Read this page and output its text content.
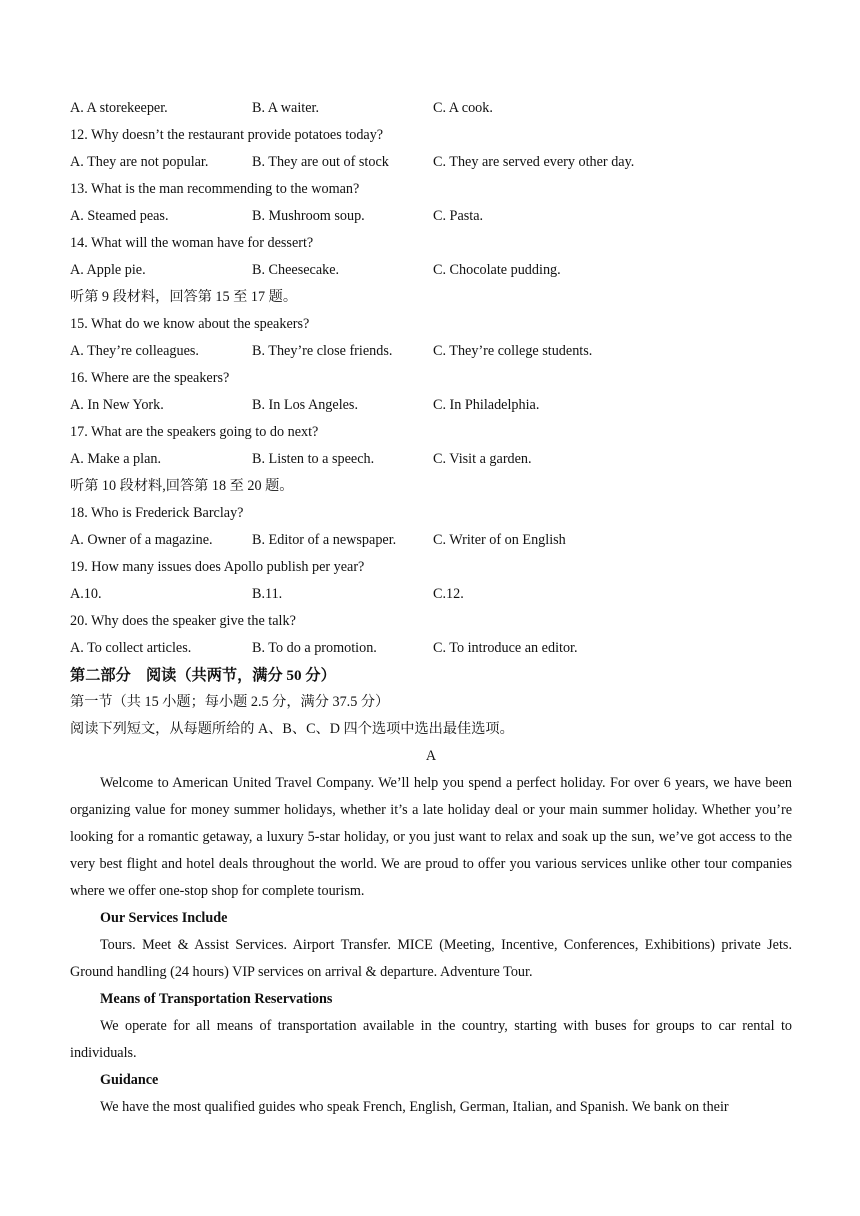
A. A storekeeper.	B. A waiter.	C. A cook.
12. Why doesn’t the restaurant provide potatoes today?
A. They are not popular.	B. They are out of stock	C. They are served every other day.
13. What is the man recommending to the woman?
A. Steamed peas.	B. Mushroom soup.	C. Pasta.
14. What will the woman have for dessert?
A. Apple pie.	B. Cheesecake.	C. Chocolate pudding.
听第 9 段材料，回答第 15 至 17 题。
15. What do we know about the speakers?
A. They’re colleagues.	B. They’re close friends.	C. They’re college students.
16. Where are the speakers?
A. In New York.	B. In Los Angeles.	C. In Philadelphia.
17. What are the speakers going to do next?
A. Make a plan.	B. Listen to a speech.	C. Visit a garden.
听第 10 段材料,回答第 18 至 20 题。
18. Who is Frederick Barclay?
A. Owner of a magazine.	B. Editor of a newspaper.	C. Writer of on English
19. How many issues does Apollo publish per year?
A.10.	B.11.	C.12.
20. Why does the speaker give the talk?
A. To collect articles.	B. To do a promotion.	C. To introduce an editor.
第二部分　阅读（共两节，满分 50 分）
第一节（共 15 小题；每小题 2.5 分，满分 37.5 分）
阅读下列短文，从每题所给的 A、B、C、D 四个选项中选出最佳选项。
A

Welcome to American United Travel Company. We’ll help you spend a perfect holiday. For over 6 years, we have been organizing value for money summer holidays, whether it’s a late holiday deal or your main summer holiday. Whether you’re looking for a romantic getaway, a luxury 5-star holiday, or you just want to relax and soak up the sun, we’ve got access to the very best flight and hotel deals throughout the world. We are proud to offer you various services unlike other tour companies where we offer one-stop shop for complete tourism.

Our Services Include

Tours. Meet & Assist Services. Airport Transfer. MICE (Meeting, Incentive, Conferences, Exhibitions) private Jets. Ground handling (24 hours) VIP services on arrival & departure. Adventure Tour.

Means of Transportation Reservations

We operate for all means of transportation available in the country, starting with buses for groups to car rental to individuals.

Guidance

We have the most qualified guides who speak French, English, German, Italian, and Spanish. We bank on their
